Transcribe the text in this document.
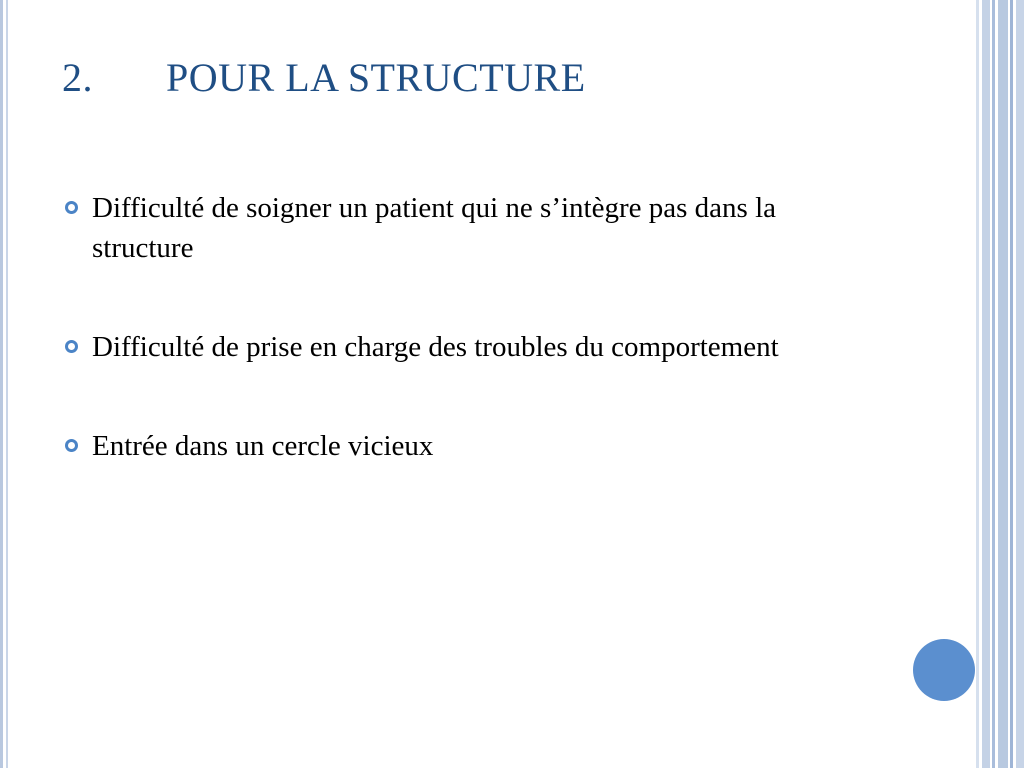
2. POUR LA STRUCTURE
Difficulté de soigner un patient qui ne s’intègre pas dans la structure
Difficulté de prise en charge des troubles du comportement
Entrée dans un cercle vicieux
